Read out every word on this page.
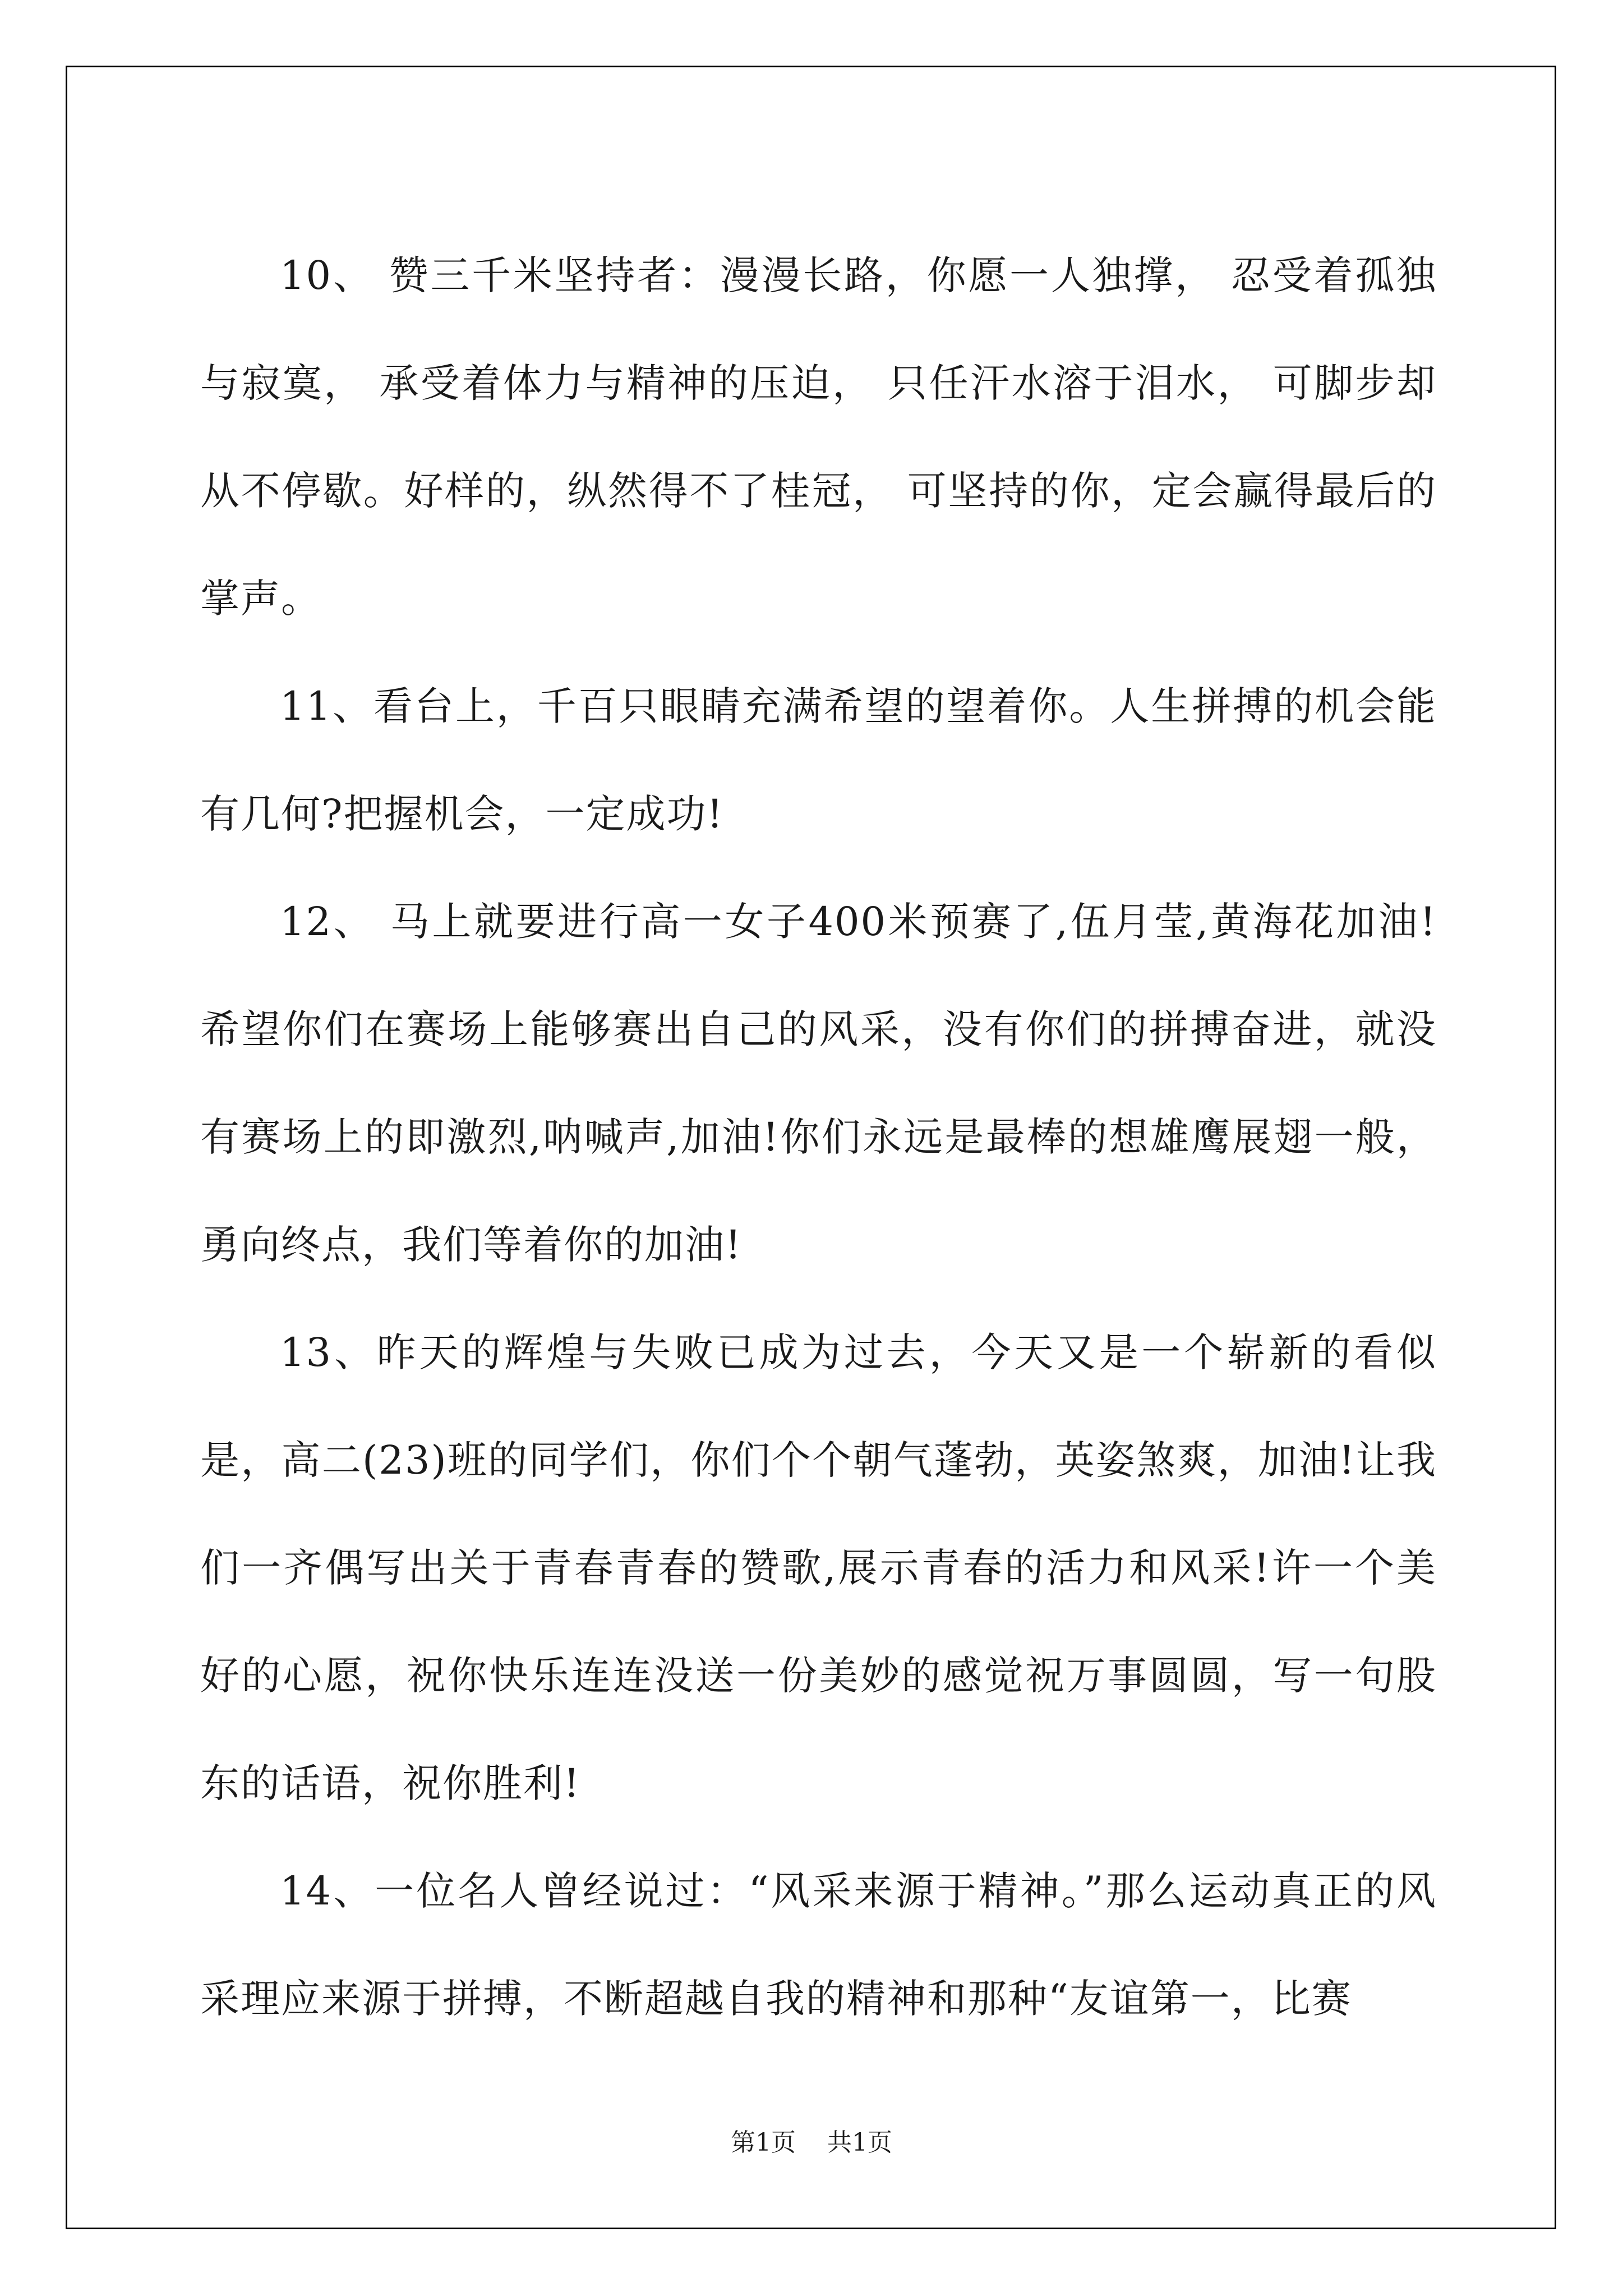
10、 赞三千米坚持者：漫漫长路，你愿一人独撑， 忍受着孤独与寂寞， 承受着体力与精神的压迫， 只任汗水溶于泪水， 可脚步却从不停歇。好样的，纵然得不了桂冠， 可坚持的你，定会赢得最后的掌声。

11、看台上，千百只眼睛充满希望的望着你。人生拼搏的机会能有几何?把握机会，一定成功!

12、 马上就要进行高一女子400米预赛了,伍月莹,黄海花加油!希望你们在赛场上能够赛出自己的风采，没有你们的拼搏奋进，就没有赛场上的即激烈,呐喊声,加油!你们永远是最棒的想雄鹰展翅一般，勇向终点，我们等着你的加油!

13、昨天的辉煌与失败已成为过去，今天又是一个崭新的看似是，高二(23)班的同学们，你们个个朝气蓬勃，英姿煞爽，加油!让我们一齐偶写出关于青春青春的赞歌,展示青春的活力和风采!许一个美好的心愿，祝你快乐连连没送一份美妙的感觉祝万事圆圆，写一句股东的话语，祝你胜利!

14、一位名人曾经说过：“风采来源于精神。”那么运动真正的风采理应来源于拼搏，不断超越自我的精神和那种“友谊第一，比赛

第1页 共1页
